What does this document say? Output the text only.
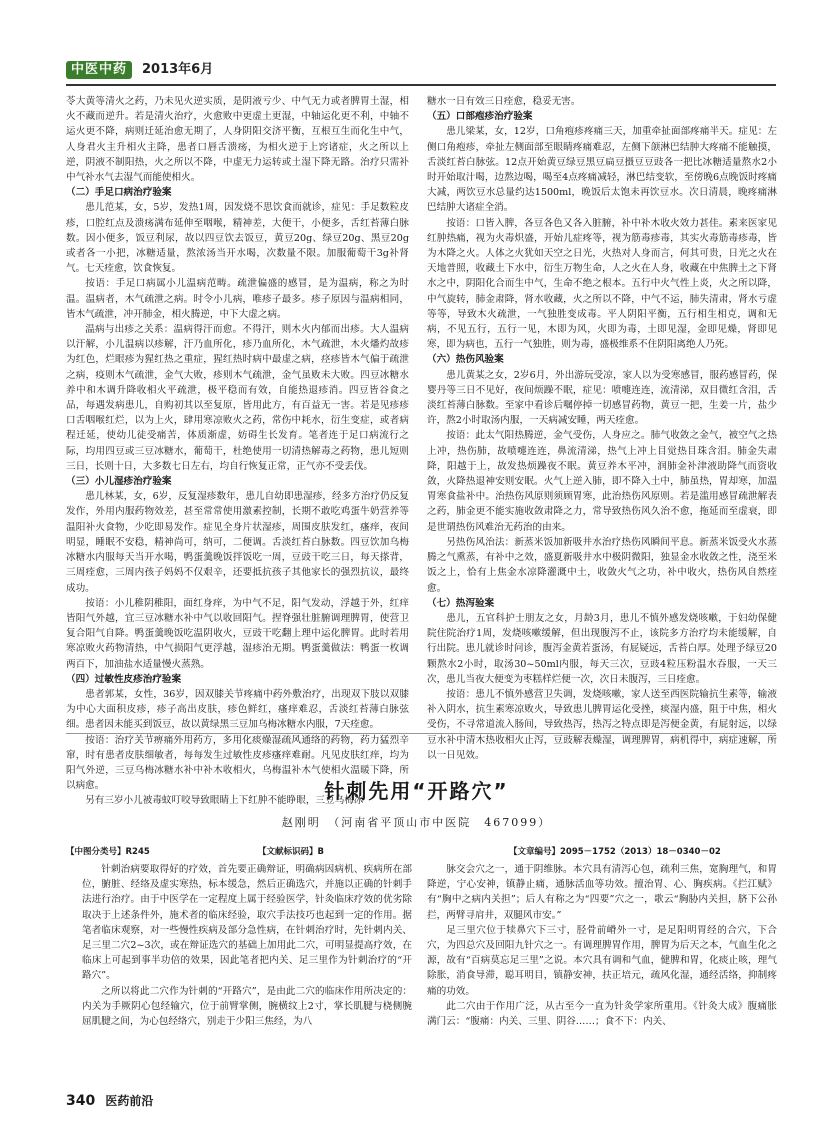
中医中药	2013年6月

苓大黄等清火之药，乃未见火逆实质，是阴液亏少、中气无力或者脾胃土湿，相火不藏而逆升。若是清火治疗，火愈败中更虚土更湿，中轴运化更不利，中轴不运火更不降，病则迁延治愈无期了，人身阴阳交济平衡，互根互生而化生中气，人身君火主升相火主降，患者口唇舌溃疡，为相火逆于上窍诸症，火之所以上逆，阴液不制阳热，火之所以不降，中虚无力运转或土湿下降无路。治疗只需补中气补水气去湿气而能使相火。

（二）手足口病治疗验案

患儿范某，女，5岁，发热1周，因发烧不思饮食而就诊，症见：手足数粒皮疹，口腔红点及溃疡满布延伸至咽喉，精神差，大便干，小便多，舌红苔薄白脉数。因小便多，饭豆利尿，故以四豆饮去饭豆，黄豆20g、绿豆20g、黑豆20g 或者各一小把，冰糖适量，熬浓汤当开水喝，次数量不限。加服葡萄干3g补肾气。七天痊愈，饮食恢复。

按语：手足口病属小儿温病范畴。疏泄偏盛的感冒，是为温病，称之为时温。温病者，木气疏泄之病。时令小儿病，唯疹子最多。疹子原因与温病相同，皆木气疏泄，冲开肺金，相火腾逆，中下大虚之病。

温病与出疹之关系：温病得汗而愈。不得汗，则木火内郁而出疹。大人温病以汗解，小儿温病以疹解，汗乃血所化，疹乃血所化，木气疏泄，木火燔灼故疹为红色，烂眼疹为猩红热之重症，猩红热时病中最虚之病，痉疹皆木气偏于疏泄之病，疫则木气疏泄，金气大败，疹则木气疏泄，金气虽败未大败。四豆冰糖水养中和木调升降收相火平疏泄，极平稳而有效，自能热退疹消。四豆皆谷食之品，每遇发病患儿，自购初其以至复原，皆用此方，有百益无一害。若是见疹疹口舌咽喉红烂，以为上火，肆用寒凉败火之药，常伤中耗水，衍生变症，或者病程迁延，使幼儿徒受痛苦，体质渐虚，妨碍生长发育。笔者连于足口病流行之际，均用四豆或三豆冰糖水，葡萄干，杜绝使用一切清热解毒之药物，患儿短则三日，长则十日，大多数七日左右，均自行恢复正常，正气亦不受丢伐。

（三）小儿湿疹治疗验案

患儿林某，女，6岁，反复湿疹数年，患儿自幼即患湿疹，经多方治疗仍反复发作，外用内服药物效差，甚至常常使用激素控制，长期不敢吃鸡蛋牛奶营养等温阳补火食物，少吃即易发作。症见全身片状湿疹，周围皮肤发红，瘙痒，夜间明显，睡眠不安稳，精神尚可，纳可，二便调。舌淡红苔白脉数。四豆饮加乌梅冰糖水内服每天当开水喝，鸭蛋羹晚饭拌饭吃一周，豆豉干吃三日，每天搽背，三周痊愈，三周内孩子妈妈不仅艰辛，还要抵抗孩子其他家长的强烈抗议，最终成功。

按语：小儿稚阴稚阳，面红身痒，为中气不足，阳气发动，浮越于外，红痒皆阳气外越，宜三豆冰糖水补中气以收回阳气。捏脊强壮脏腑调理脾胃，使营卫复合阳气自降。鸭蛋羹晚饭吃温阴收火，豆豉干吃翻上理中运化脾胃。此时若用寒凉败火药物清热，中气损阳气更浮越，湿疹治无期。鸭蛋羹做法：鸭蛋一枚调两百下，加油盐水适量慢火蒸熟。

（四）过敏性皮疹治疗验案

患者郭某，女性，36岁，因双膝关节疼痛中药外敷治疗，出现双下肢以双膝为中心大面积皮疹，疹子高出皮肤，疹色鲜红，瘙痒难忍，舌淡红苔薄白脉弦细。患者因未能买到饭豆，故以黄绿黑三豆加乌梅冰糖水内服，7天痊愈。

按语：治疗关节痹痛外用药方，多用化痰燥湿疏风通络的药物，药力猛烈辛窜，时有患者皮肤细敏者，每每发生过敏性皮疹瘙痒难耐。凡见皮肤红痒，均为阳气外逆，三豆乌梅冰糖水补中补木收相火，乌梅温补木气使相火温暖下降，所以病愈。

另有三岁小儿被毒蚊叮咬导致眼睛上下红肿不能睁眼，三豆乌梅冰

糖水一日有效三日痊愈，稳妥无害。

（五）口部疱疹治疗验案

患儿梁某，女，12岁，口角疱疹疼痛三天，加重牵扯面部疼痛半天。症见：左侧口角疱疹，牵扯左侧面部至眼睛疼痛难忍，左侧下颌淋巴结肿大疼痛不能触摸，舌淡红苔白脉弦。12点开始黄豆绿豆黑豆扁豆摄豆豆豉各一把比冰糖适量熬水2小时开始取汁喝，边熬边喝，喝至4点疼痛减轻，淋巴结变软，至傍晚6点晚饭时疼痛大减，两饮豆水总量约达1500ml，晚饭后太饱未再饮豆水。次日清晨，晚疼痛淋巴结肿大诸症全消。

按语：口皆入脾，各豆各色又各入脏腑，补中补木收火效力甚佳。素来医家见红肿热痛，视为火毒炽盛，开始儿症疼等，视为筋毒疹毒，其实火毒筋毒疹毒，皆为木降之火。人体之火犹如天空之日光，火热对人身而言，何其可贵，日光之火在天地普照，收藏土下水中，衍生万物生命，人之火在人身，收藏在中焦脾土之下肾水之中，阴阳化合而生中气，生命不绝之根本。五行中火气性上炎，火之所以降，中气旋转，肺金肃降，肾水收藏，火之所以不降，中气不运，肺失清肃，肾水亏虚等等，导致木火疏泄，一气独胜变成毒。平人阴阳平衡，五行相生相克，调和无病，不见五行，五行一见，木即为风，火即为毒，土即见湿，金即见燥，肾即见寒，即为病也，五行一气独胜，则为毒，盛极维系不住阴阳离绝人乃死。

（六）热伤风验案

患儿黄某之女，2岁6月，外出游玩受凉，家人以为受寒感冒，服药感冒药，保婴丹等三日不见好，夜间烦躁不眠，症见：喷嚏连连，流清涕，双目微红含泪，舌淡红苔薄白脉数。至家中看诊后嘱停掉一切感冒药物，黄豆一把，生姜一片，盐少许，熬2小时取汤内服，一天病减安睡，两天痊愈。

按语：此太气阳热腾逆，金气受伤，人身应之。肺气收敛之金气，被空气之热上冲，热伤肺，故喷嚏连连，鼻流清涕，热气上冲上目觉热目珠含泪。肺金失肃降，阳越于上，故发热烦躁夜不眠。黄豆养木平冲，润肺金补津液助降气而资收敛，火降热退神安则安眠。火气上逆入肺，即不降入土中，肺虽热，胃却寒，加温胃寒食盐补中。治热伤风原则须顾胃寒，此治热伤风原则。若是滥用感冒疏泄解表之药，肺金更不能实施收敛肃降之力，常导致热伤风久治不愈，拖延而至虚衰，即是世谓热伤风难治无药治的由来。

另热伤风治法：新蒸米饭加新吸井水治疗热伤风瞬间平息。新蒸米饭受火水蒸腾之气熏蒸，有补中之效，盛夏新吸井水中极阴微阳，独显金水收敛之性，浇至米饭之上，恰有上焦金水凉降灌溉中土，收敛火气之功，补中收火，热伤风自然痊愈。

（七）热泻验案

患儿，五官科护士朋友之女，月龄3月，患儿不慎外感发烧咳嗽，于妇幼保健院住院治疗1周，发烧咳嗽缓解，但出现腹泻不止，该院多方治疗均未能缓解，自行出院。患儿就诊时问诊，腹泻金黄若蛋汤，有屁疑远，舌苔白厚。处理予绿豆20颗熬水2小时，取汤30~50ml内服，每天三次，豆豉4粒压粉温水吞服，一天三次，患儿当夜大便变为枣糕样烂便一次，次日未腹泻，三日痊愈。

按语：患儿不慎外感营卫失调，发烧咳嗽，家人送至西医院输抗生素等，输液补入阴水，抗生素寒凉败火，导致患儿脾胃运化受挫，痰湿内盛，阻于中焦，相火受伤，不寻常道流入肠间，导致热泻，热泻之特点即是泻便金黄，有屁射远，以绿豆水补中清木热收相火止泻，豆豉解表燥湿，调理脾胃，病机得中，病症速解，所以一日见效。

针刺先用“开路穴”
赵刚明　（河南省平顶山市中医院　467099）
【中图分类号】R245	【文献标识码】B	【文章编号】2095－1752（2013）18－0340－02

针刺治病要取得好的疗效，首先要正确辩证，明确病因病机、疾病所在部位，腑脏、经络及虚实寒热，标本缓急，然后正确选穴，并施以正确的针刺手法进行治疗。由于中医学在一定程度上属于经验医学，针灸临床疗效的优劣除取决于上述条件外，施术者的临床经验，取穴手法技巧也起到一定的作用。据笔者临床观察，对一些慢性疾病及部分急性病，在针刺治疗时，先针刺内关、足三里二穴2~3次，或在辩证选穴的基础上加用此二穴，可明显提高疗效，在临床上可起到事半功倍的效果，因此笔者把内关、足三里作为针刺治疗的“开路穴”。

之所以将此二穴作为针刺的“开路穴”，是由此二穴的临床作用所决定的：内关为手厥阴心包经输穴，位于前臂掌侧，腕横纹上2寸，掌长肌腱与桡侧腕屈肌腱之间，为心包经络穴，别走于少阳三焦经，为八

脉交会穴之一，通于阴维脉。本穴具有清泻心包，疏利三焦，宽胸理气，和胃降逆，宁心安神，镇静止痛，通脉活血等功效。擅治胃、心、胸疾病。《拦江赋》有“胸中之病内关担”；后人有称之为“四要”穴之一，歌云“胸胁内关担，脐下公孙拦，两臂寻肩井，双腿风市安。”

足三里穴位于犊鼻穴下三寸，胫骨前嵴外一寸，是足阳明胃经的合穴，下合穴，为四总穴及回阳九针穴之一。有调理脾胃作用，脾胃为后天之本，气血生化之源，故有“百病莫忘足三里”之说。本穴具有调和气血，健脾和胃，化痰止咳，理气除胀，消食导滞，聪耳明目，镇静安神，扶正培元，疏风化湿，通经活络，抑制疼痛的功效。

此二穴由于作用广泛，从古至今一直为针灸学家所重用。《针灸大成》腹痛胀满门云：“腹痛：内关、三里、阴谷……；食不下：内关、

340 医药前沿
